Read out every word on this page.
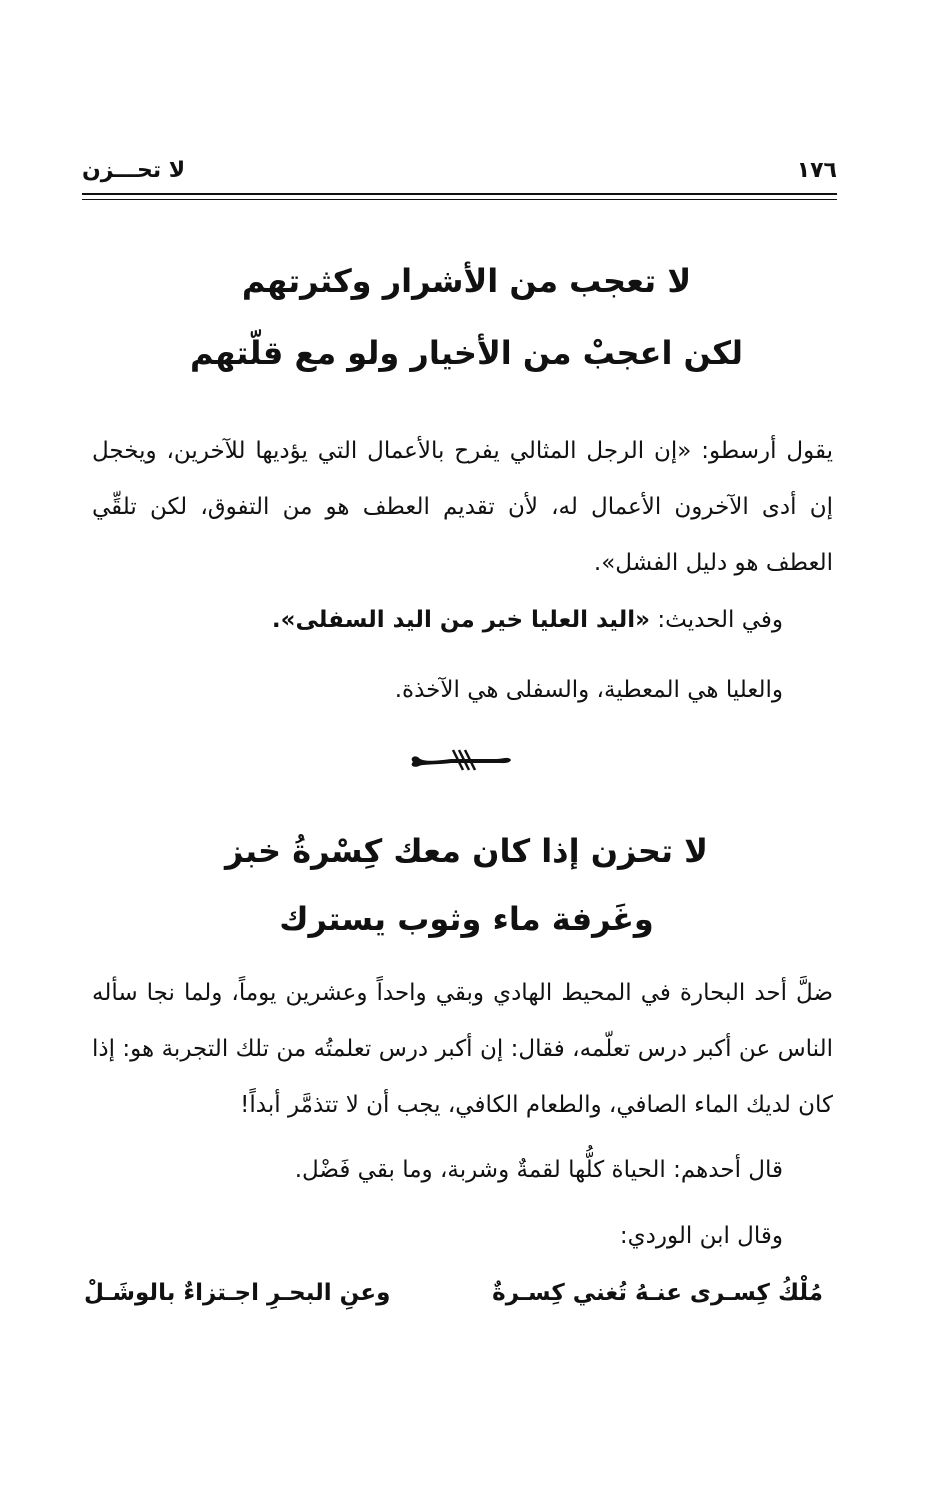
١٧٦
لا تحـــزن
لا تعجب من الأشرار وكثرتهم
لكن اعجبْ من الأخيار ولو مع قلّتهم
يقول أرسطو: «إن الرجل المثالي يفرح بالأعمال التي يؤديها للآخرين، ويخجل إن أدى الآخرون الأعمال له، لأن تقديم العطف هو من التفوق، لكن تلقِّي العطف هو دليل الفشل».
وفي الحديث: «اليد العليا خير من اليد السفلى».
والعليا هي المعطية، والسفلى هي الآخذة.
لا تحزن إذا كان معك كِسْرةُ خبز
وغَرفة ماء وثوب يسترك
ضلَّ أحد البحارة في المحيط الهادي وبقي واحداً وعشرين يوماً، ولما نجا سأله الناس عن أكبر درس تعلّمه، فقال: إن أكبر درس تعلمتُه من تلك التجربة هو: إذا كان لديك الماء الصافي، والطعام الكافي، يجب أن لا تتذمَّر أبداً!
قال أحدهم: الحياة كلُّها لقمةٌ وشربة، وما بقي فَضْل.
وقال ابن الوردي:
مُلْكُ كِسـرى عنـهُ تُغني كِسـرةٌ
وعنِ البحـرِ اجـتزاءٌ بالوشَـلْ
